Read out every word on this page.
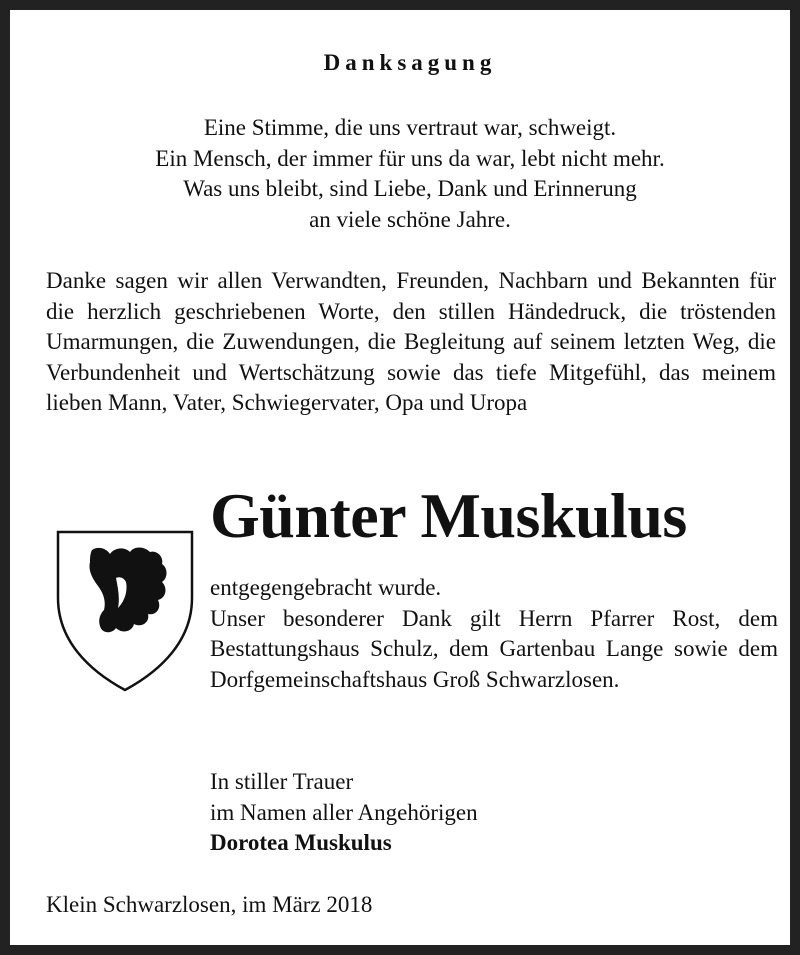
Danksagung
Eine Stimme, die uns vertraut war, schweigt.
Ein Mensch, der immer für uns da war, lebt nicht mehr.
Was uns bleibt, sind Liebe, Dank und Erinnerung
an viele schöne Jahre.
Danke sagen wir allen Verwandten, Freunden, Nachbarn und Bekannten für die herzlich geschriebenen Worte, den stillen Händedruck, die tröstenden Umarmungen, die Zuwendungen, die Begleitung auf seinem letzten Weg, die Verbundenheit und Wertschätzung sowie das tiefe Mitgefühl, das meinem lieben Mann, Vater, Schwiegervater, Opa und Uropa
Günter Muskulus

entgegengebracht wurde.

Unser besonderer Dank gilt Herrn Pfarrer Rost, dem Bestattungshaus Schulz, dem Gartenbau Lange sowie dem Dorfgemeinschaftshaus Groß Schwarzlosen.

In stiller Trauer
im Namen aller Angehörigen
Dorotea Muskulus
Klein Schwarzlosen, im März 2018
